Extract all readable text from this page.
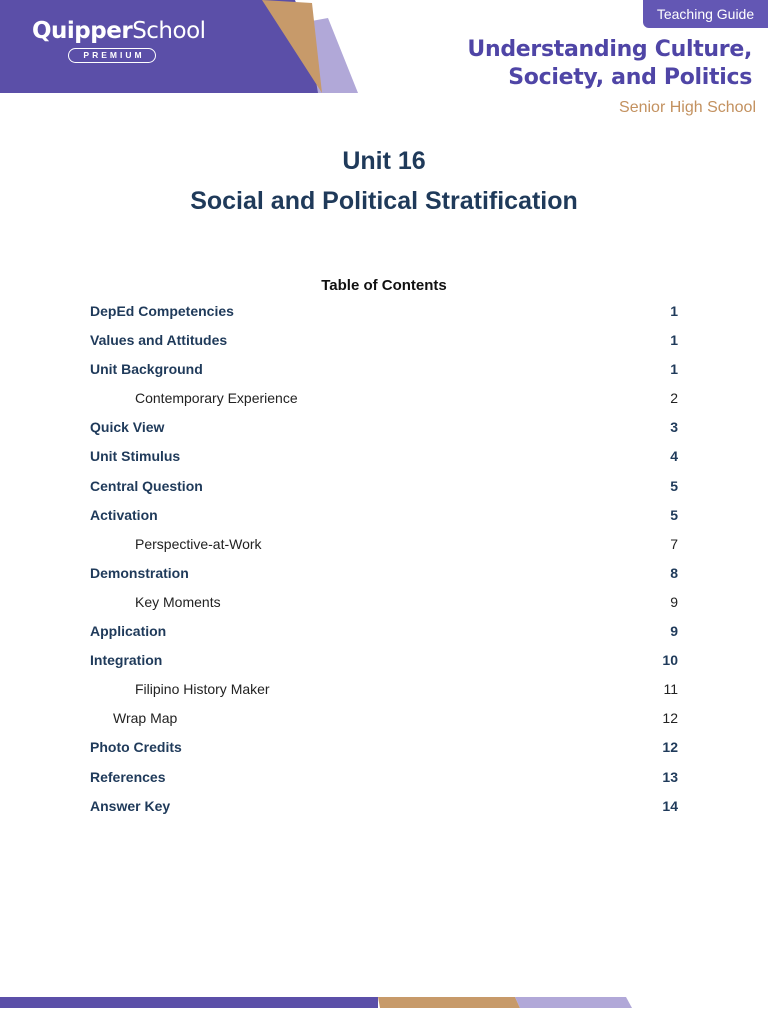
QuipperSchool
PREMIUM
Teaching Guide
Understanding Culture,
Society, and Politics
Senior High School
Unit 16
Social and Political Stratification
Table of Contents
DepEd Competencies	1
Values and Attitudes	1
Unit Background	1
Contemporary Experience	2
Quick View	3
Unit Stimulus	4
Central Question	5
Activation	5
Perspective-at-Work	7
Demonstration	8
Key Moments	9
Application	9
Integration	10
Filipino History Maker	11
Wrap Map	12
Photo Credits	12
References	13
Answer Key	14
